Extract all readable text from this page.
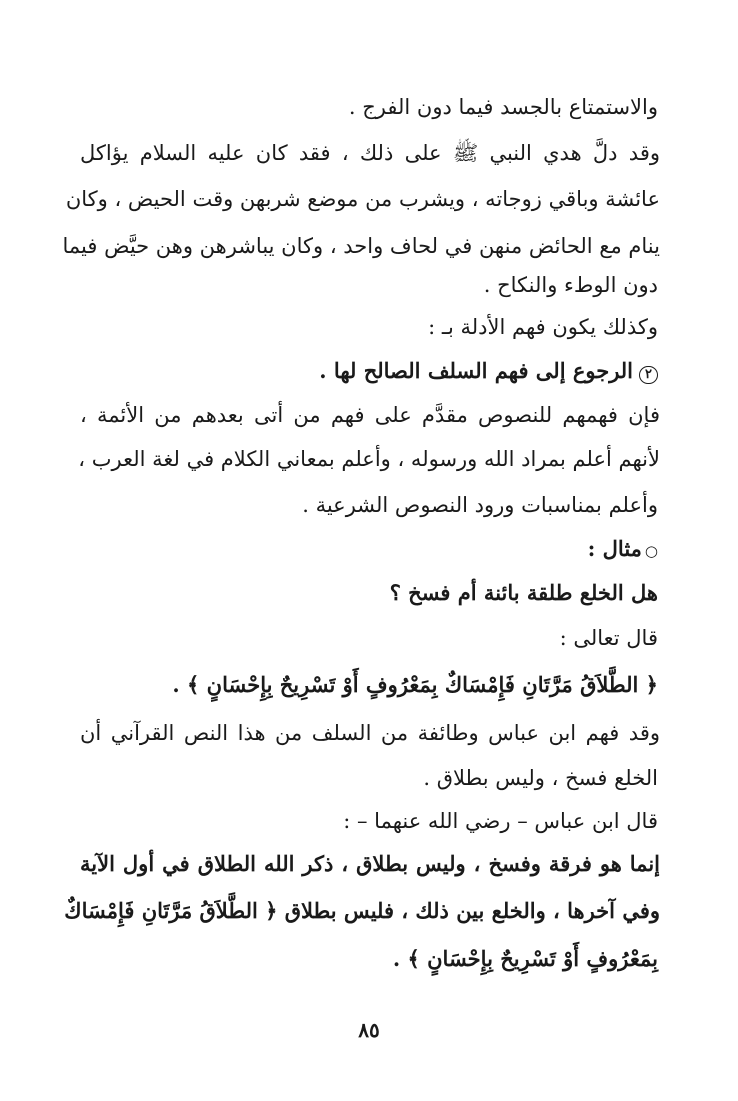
والاستمتاع بالجسد فيما دون الفرج .
وقد دلَّ هدي النبي ﷺ على ذلك ، فقد كان عليه السلام يؤاكل
عائشة وباقي زوجاته ، ويشرب من موضع شربهن وقت الحيض ، وكان
ينام مع الحائض منهن في لحاف واحد ، وكان يباشرهن وهن حيَّض فيما
دون الوطء والنكاح .
وكذلك يكون فهم الأدلة بـ :
٢الرجوع إلى فهم السلف الصالح لها .
فإن فهمهم للنصوص مقدَّم على فهم من أتى بعدهم من الأئمة ،
لأنهم أعلم بمراد الله ورسوله ، وأعلم بمعاني الكلام في لغة العرب ،
وأعلم بمناسبات ورود النصوص الشرعية .
○مثال :
هل الخلع طلقة بائنة أم فسخ ؟
قال تعالى :
﴿ الطَّلاَقُ مَرَّتَانِ فَإِمْسَاكٌ بِمَعْرُوفٍ أَوْ تَسْرِيحٌ بِإِحْسَانٍ ﴾ .
وقد فهم ابن عباس وطائفة من السلف من هذا النص القرآني أن
الخلع فسخ ، وليس بطلاق .
قال ابن عباس – رضي الله عنهما – :
إنما هو فرقة وفسخ ، وليس بطلاق ، ذكر الله الطلاق في أول الآية
وفي آخرها ، والخلع بين ذلك ، فليس بطلاق ﴿ الطَّلاَقُ مَرَّتَانِ فَإِمْسَاكٌ
بِمَعْرُوفٍ أَوْ تَسْرِيحٌ بِإِحْسَانٍ ﴾ .
٨٥
